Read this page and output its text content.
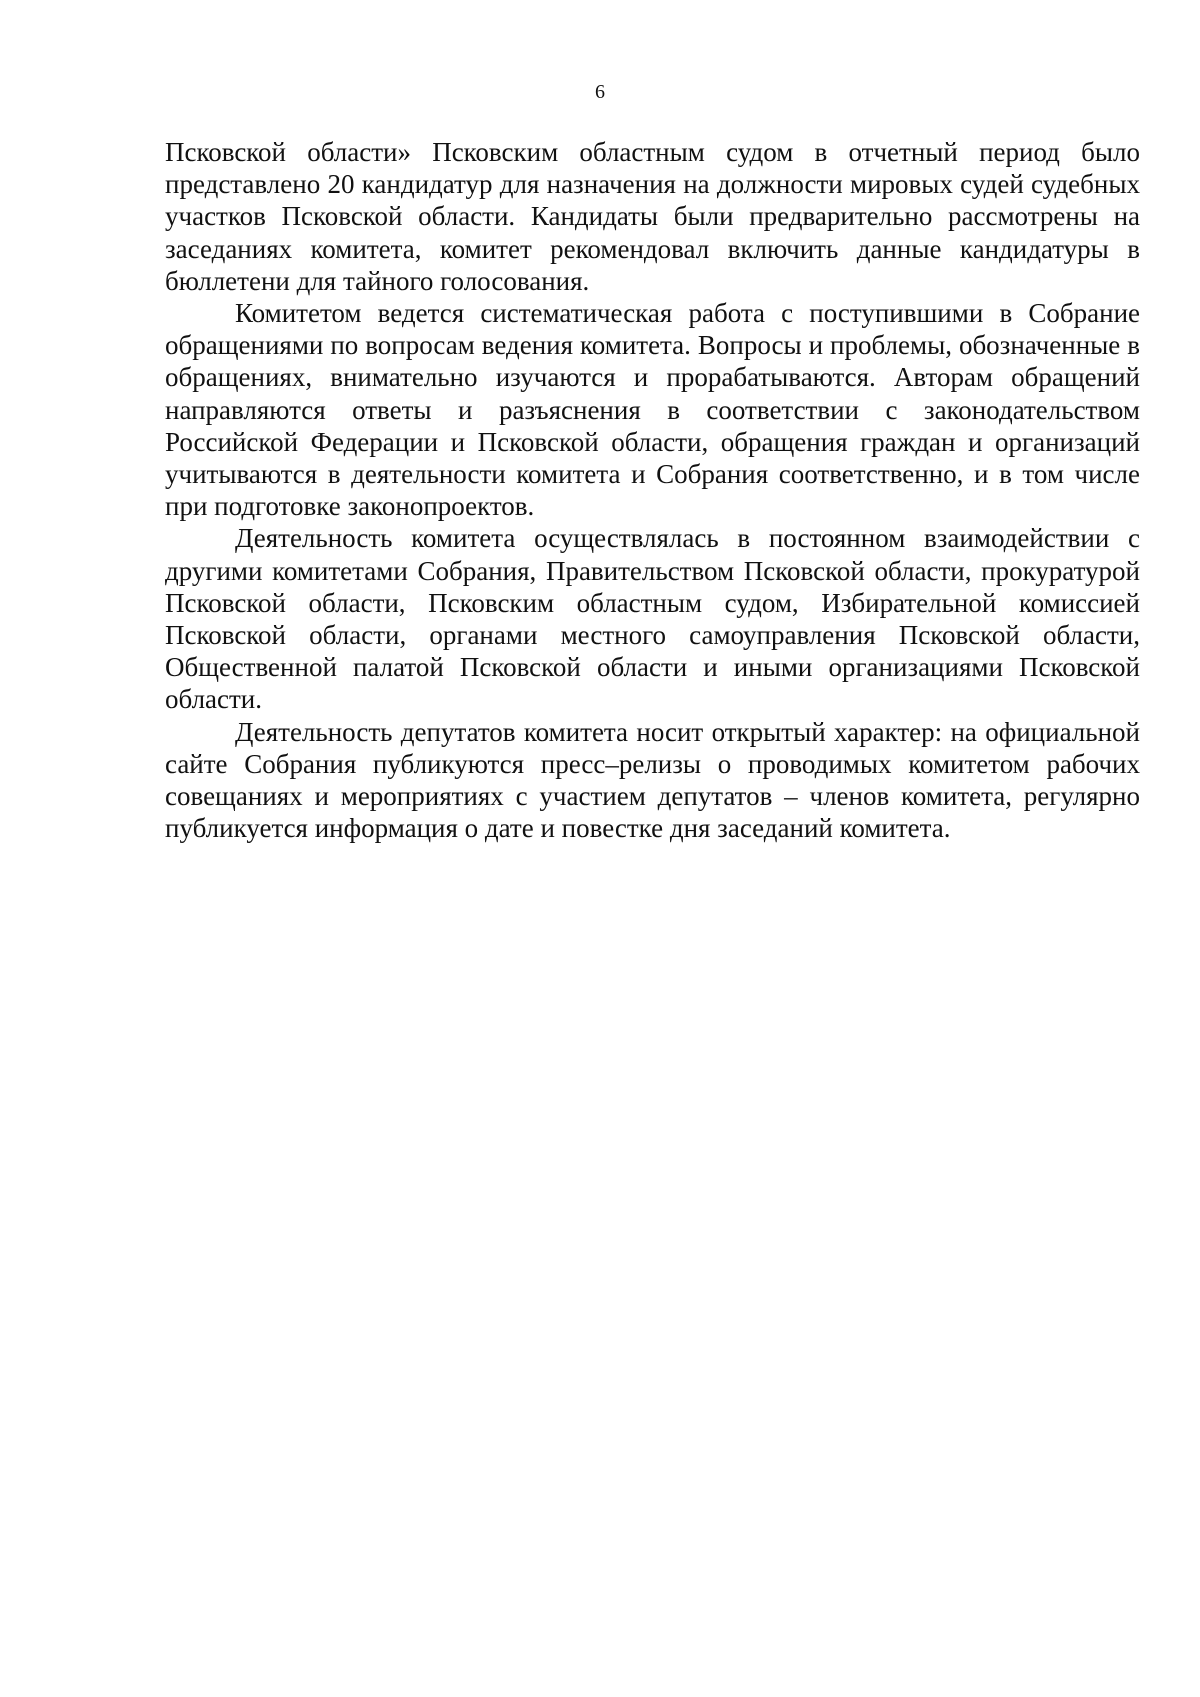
6

Псковской области» Псковским областным судом в отчетный период было представлено 20 кандидатур для назначения на должности мировых судей судебных участков Псковской области. Кандидаты были предварительно рассмотрены на заседаниях комитета, комитет рекомендовал включить данные кандидатуры в бюллетени для тайного голосования.

Комитетом ведется систематическая работа с поступившими в Собрание обращениями по вопросам ведения комитета. Вопросы и проблемы, обозначенные в обращениях, внимательно изучаются и прорабатываются. Авторам обращений направляются ответы и разъяснения в соответствии с законодательством Российской Федерации и Псковской области, обращения граждан и организаций учитываются в деятельности комитета и Собрания соответственно, и в том числе при подготовке законопроектов.

Деятельность комитета осуществлялась в постоянном взаимодействии с другими комитетами Собрания, Правительством Псковской области, прокуратурой Псковской области, Псковским областным судом, Избирательной комиссией Псковской области, органами местного самоуправления Псковской области, Общественной палатой Псковской области и иными организациями Псковской области.

Деятельность депутатов комитета носит открытый характер: на официальной сайте Собрания публикуются пресс–релизы о проводимых комитетом рабочих совещаниях и мероприятиях с участием депутатов – членов комитета, регулярно публикуется информация о дате и повестке дня заседаний комитета.
